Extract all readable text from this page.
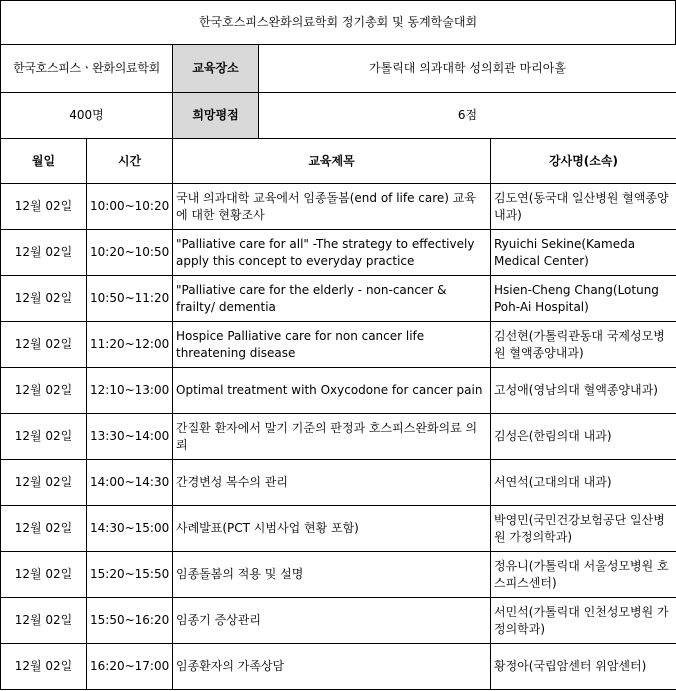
한국호스피스완화의료학회 정기총회 및 동계학술대회
한국호스피스ㆍ완화의료학회	교육장소	가톨릭대 의과대학 성의회관 마리아홀
400명	희망평점	6점
월일	시간	교육제목	강사명(소속)
12월 02일	10:00~10:20	국내 의과대학 교육에서 임종돌봄(end of life care) 교육에 대한 현황조사	김도연(동국대 일산병원 혈액종양내과)
12월 02일	10:20~10:50	"Palliative care for all" -The strategy to effectively apply this concept to everyday practice	Ryuichi Sekine(Kameda Medical Center)
12월 02일	10:50~11:20	"Palliative care for the elderly - non-cancer & frailty/ dementia	Hsien-Cheng Chang(Lotung Poh-Ai Hospital)
12월 02일	11:20~12:00	Hospice Palliative care for non cancer life threatening disease	김선현(가톨릭관동대 국제성모병원 혈액종양내과)
12월 02일	12:10~13:00	Optimal treatment with Oxycodone for cancer pain	고성애(영남의대 혈액종양내과)
12월 02일	13:30~14:00	간질환 환자에서 말기 기준의 판정과 호스피스완화의료 의뢰	김성은(한림의대 내과)
12월 02일	14:00~14:30	간경변성 복수의 관리	서연석(고대의대 내과)
12월 02일	14:30~15:00	사례발표(PCT 시범사업 현황 포함)	박영민(국민건강보험공단 일산병원 가정의학과)
12월 02일	15:20~15:50	임종돌봄의 적용 및 설명	정유니(가톨릭대 서울성모병원 호스피스센터)
12월 02일	15:50~16:20	임종기 증상관리	서민석(가톨릭대 인천성모병원 가정의학과)
12월 02일	16:20~17:00	임종환자의 가족상담	황정아(국립암센터 위암센터)
